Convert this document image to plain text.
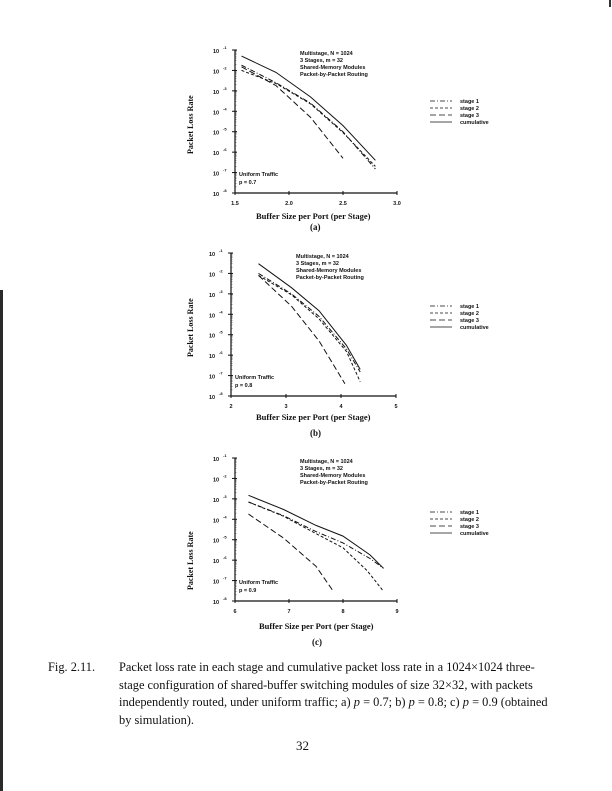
10
-1
10
-2
10
-3
10
-4
10
-5
10
-6
10
-7
10
-8
1.5	2.0	2.5	3.0
Multistage, N = 1024
3 Stages, m = 32
Shared-Memory Modules
Packet-by-Packet Routing
Uniform Traffic
p = 0.7
stage 1
stage 2
stage 3
cumulative
Packet Loss Rate
Buffer Size per Port (per Stage)
(a)
10
-1
10
-2
10
-3
10
-4
10
-5
10
-6
10
-7
10
-8
2	3	4	5
Multistage, N = 1024
3 Stages, m = 32
Shared-Memory Modules
Packet-by-Packet Routing
Uniform Traffic
p = 0.8
stage 1
stage 2
stage 3
cumulative
Packet Loss Rate
Buffer Size per Port (per Stage)
(b)
10
-1
10
-2
10
-3
10
-4
10
-5
10
-6
10
-7
10
-8
6	7	8	9
Multistage, N = 1024
3 Stages, m = 32
Shared-Memory Modules
Packet-by-Packet Routing
Uniform Traffic
p = 0.9
stage 1
stage 2
stage 3
cumulative
Packet Loss Rate
Buffer Size per Port (per Stage)
(c)
Fig. 2.11. Packet loss rate in each stage and cumulative packet loss rate in a 1024×1024 three-stage configuration of shared-buffer switching modules of size 32×32, with packets independently routed, under uniform traffic; a) p = 0.7; b) p = 0.8; c) p = 0.9 (obtained by simulation).
32
